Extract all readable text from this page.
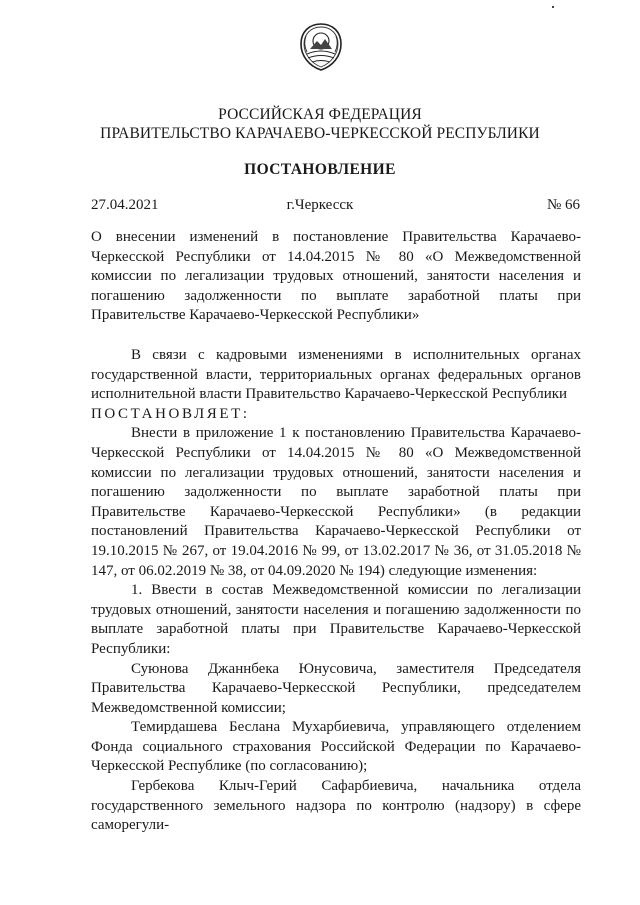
РОССИЙСКАЯ ФЕДЕРАЦИЯ
ПРАВИТЕЛЬСТВО КАРАЧАЕВО-ЧЕРКЕССКОЙ РЕСПУБЛИКИ
ПОСТАНОВЛЕНИЕ
27.04.2021	г.Черкесск	№ 66

О внесении изменений в постановление Правительства Карачаево-Черкесской Республики от 14.04.2015 № 80 «О Межведомственной комиссии по легализации трудовых отношений, занятости населения и погашению задолженности по выплате заработной платы при Правительстве Карачаево-Черкесской Республики»

В связи с кадровыми изменениями в исполнительных органах государственной власти, территориальных органах федеральных органов исполнительной власти Правительство Карачаево-Черкесской Республики

ПОСТАНОВЛЯЕТ:

Внести в приложение 1 к постановлению Правительства Карачаево-Черкесской Республики от 14.04.2015 № 80 «О Межведомственной комиссии по легализации трудовых отношений, занятости населения и погашению задолженности по выплате заработной платы при Правительстве Карачаево-Черкесской Республики» (в редакции постановлений Правительства Карачаево-Черкесской Республики от 19.10.2015 № 267, от 19.04.2016 № 99, от 13.02.2017 № 36, от 31.05.2018 № 147, от 06.02.2019 № 38, от 04.09.2020 № 194) следующие изменения:

1. Ввести в состав Межведомственной комиссии по легализации трудовых отношений, занятости населения и погашению задолженности по выплате заработной платы при Правительстве Карачаево-Черкесской Республики:

Суюнова Джаннбека Юнусовича, заместителя Председателя Правительства Карачаево-Черкесской Республики, председателем Межведомственной комиссии;

Темирдашева Беслана Мухарбиевича, управляющего отделением Фонда социального страхования Российской Федерации по Карачаево-Черкесской Республике (по согласованию);

Гербекова Клыч-Герий Сафарбиевича, начальника отдела государственного земельного надзора по контролю (надзору) в сфере саморегули-
